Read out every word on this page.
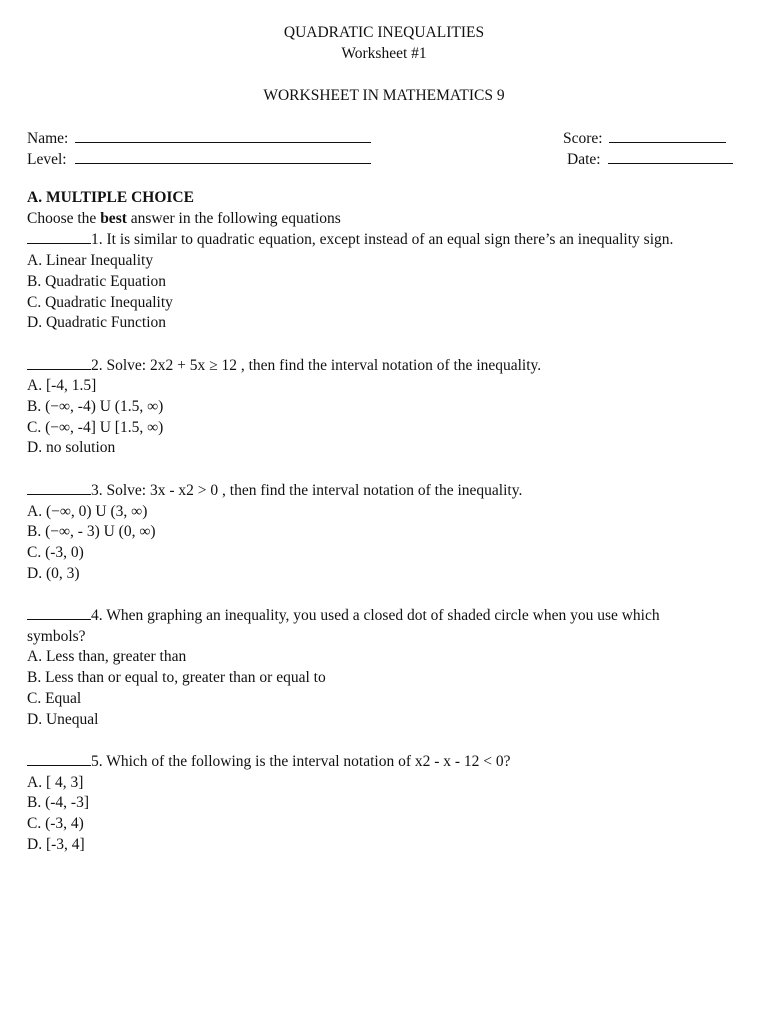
QUADRATIC INEQUALITIES
Worksheet #1
WORKSHEET IN MATHEMATICS 9
Name:
Level:
Score:
Date:
A. MULTIPLE CHOICE
Choose the best answer in the following equations
1. It is similar to quadratic equation, except instead of an equal sign there’s an inequality sign.
A. Linear Inequality
B. Quadratic Equation
C. Quadratic Inequality
D. Quadratic Function
2. Solve: 2x2 + 5x ≥ 12 , then find the interval notation of the inequality.
A. [-4, 1.5]
B. (−∞, -4) U (1.5, ∞)
C. (−∞, -4] U [1.5, ∞)
D. no solution
3. Solve: 3x - x2 > 0 , then find the interval notation of the inequality.
A. (−∞, 0) U (3, ∞)
B. (−∞, - 3) U (0, ∞)
C. (-3, 0)
D. (0, 3)
4. When graphing an inequality, you used a closed dot of shaded circle when you use which symbols?
A. Less than, greater than
B. Less than or equal to, greater than or equal to
C. Equal
D. Unequal
5. Which of the following is the interval notation of x2 - x - 12 < 0?
A. [ 4, 3]
B. (-4, -3]
C. (-3, 4)
D. [-3, 4]
